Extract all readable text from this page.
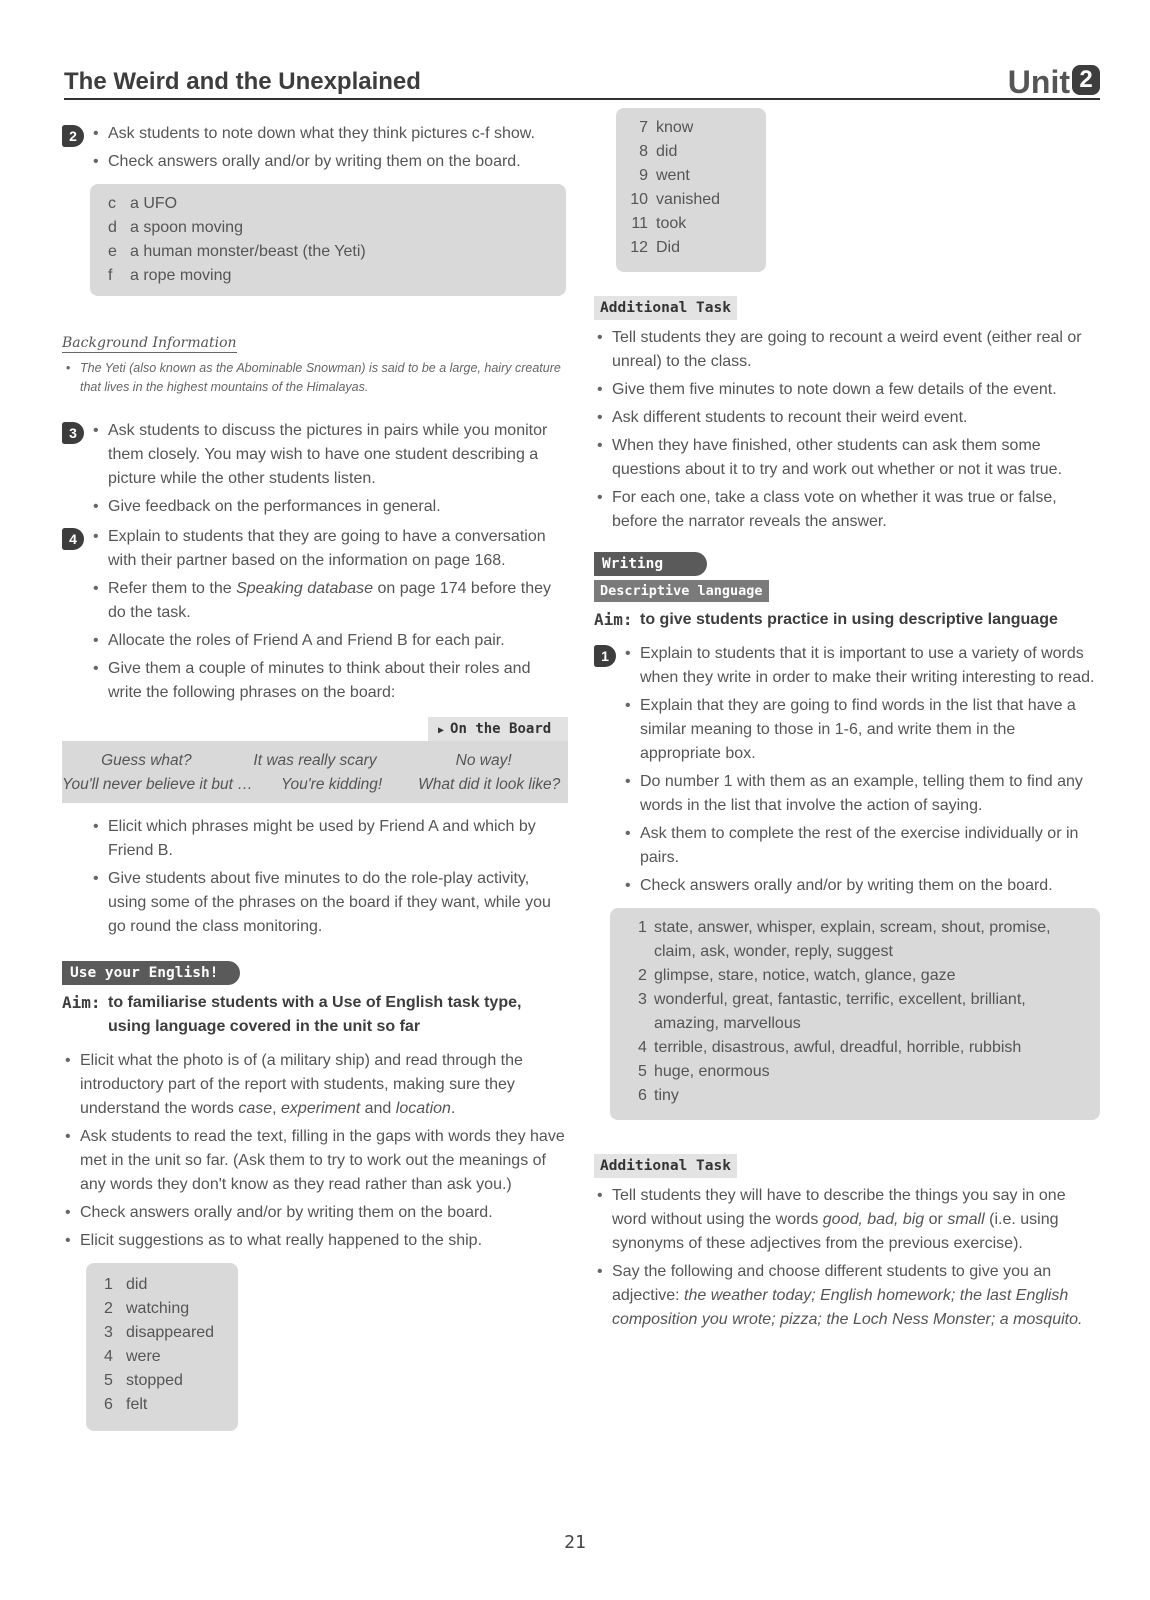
The Weird and the Unexplained	Unit 2
2	• Ask students to note down what they think pictures c-f show.
• Check answers orally and/or by writing them on the board.
c a UFO
d a spoon moving
e a human monster/beast (the Yeti)
f	a rope moving
Background Information
• The Yeti (also known as the Abominable Snowman) is said to be a large, hairy creature that lives in the highest mountains of the Himalayas.
3	• Ask students to discuss the pictures in pairs while you monitor them closely. You may wish to have one student describing a picture while the other students listen.
• Give feedback on the performances in general.
4	• Explain to students that they are going to have a conversation with their partner based on the information on page 168.
• Refer them to the Speaking database on page 174 before they do the task.
• Allocate the roles of Friend A and Friend B for each pair.
• Give them a couple of minutes to think about their roles and write the following phrases on the board:
▶ On the Board
Guess what?	It was really scary	No way!
You'll never believe it but …	You're kidding!	What did it look like?
• Elicit which phrases might be used by Friend A and which by Friend B.
• Give students about five minutes to do the role-play activity, using some of the phrases on the board if they want, while you go round the class monitoring.
Use your English!
Aim: to familiarise students with a Use of English task type, using language covered in the unit so far
• Elicit what the photo is of (a military ship) and read through the introductory part of the report with students, making sure they understand the words case, experiment and location.
• Ask students to read the text, filling in the gaps with words they have met in the unit so far. (Ask them to try to work out the meanings of any words they don't know as they read rather than ask you.)
• Check answers orally and/or by writing them on the board.
• Elicit suggestions as to what really happened to the ship.
1 did
2 watching
3 disappeared
4 were
5 stopped
6 felt
7 know
8 did
9 went
10 vanished
11 took
12 Did
Additional Task
• Tell students they are going to recount a weird event (either real or unreal) to the class.
• Give them five minutes to note down a few details of the event.
• Ask different students to recount their weird event.
• When they have finished, other students can ask them some questions about it to try and work out whether or not it was true.
• For each one, take a class vote on whether it was true or false, before the narrator reveals the answer.
Writing
Descriptive language
Aim: to give students practice in using descriptive language
1	• Explain to students that it is important to use a variety of words when they write in order to make their writing interesting to read.
• Explain that they are going to find words in the list that have a similar meaning to those in 1-6, and write them in the appropriate box.
• Do number 1 with them as an example, telling them to find any words in the list that involve the action of saying.
• Ask them to complete the rest of the exercise individually or in pairs.
• Check answers orally and/or by writing them on the board.
1 state, answer, whisper, explain, scream, shout, promise, claim, ask, wonder, reply, suggest
2 glimpse, stare, notice, watch, glance, gaze
3 wonderful, great, fantastic, terrific, excellent, brilliant, amazing, marvellous
4 terrible, disastrous, awful, dreadful, horrible, rubbish
5 huge, enormous
6 tiny
Additional Task
• Tell students they will have to describe the things you say in one word without using the words good, bad, big or small (i.e. using synonyms of these adjectives from the previous exercise).
• Say the following and choose different students to give you an adjective: the weather today; English homework; the last English composition you wrote; pizza; the Loch Ness Monster; a mosquito.
21
